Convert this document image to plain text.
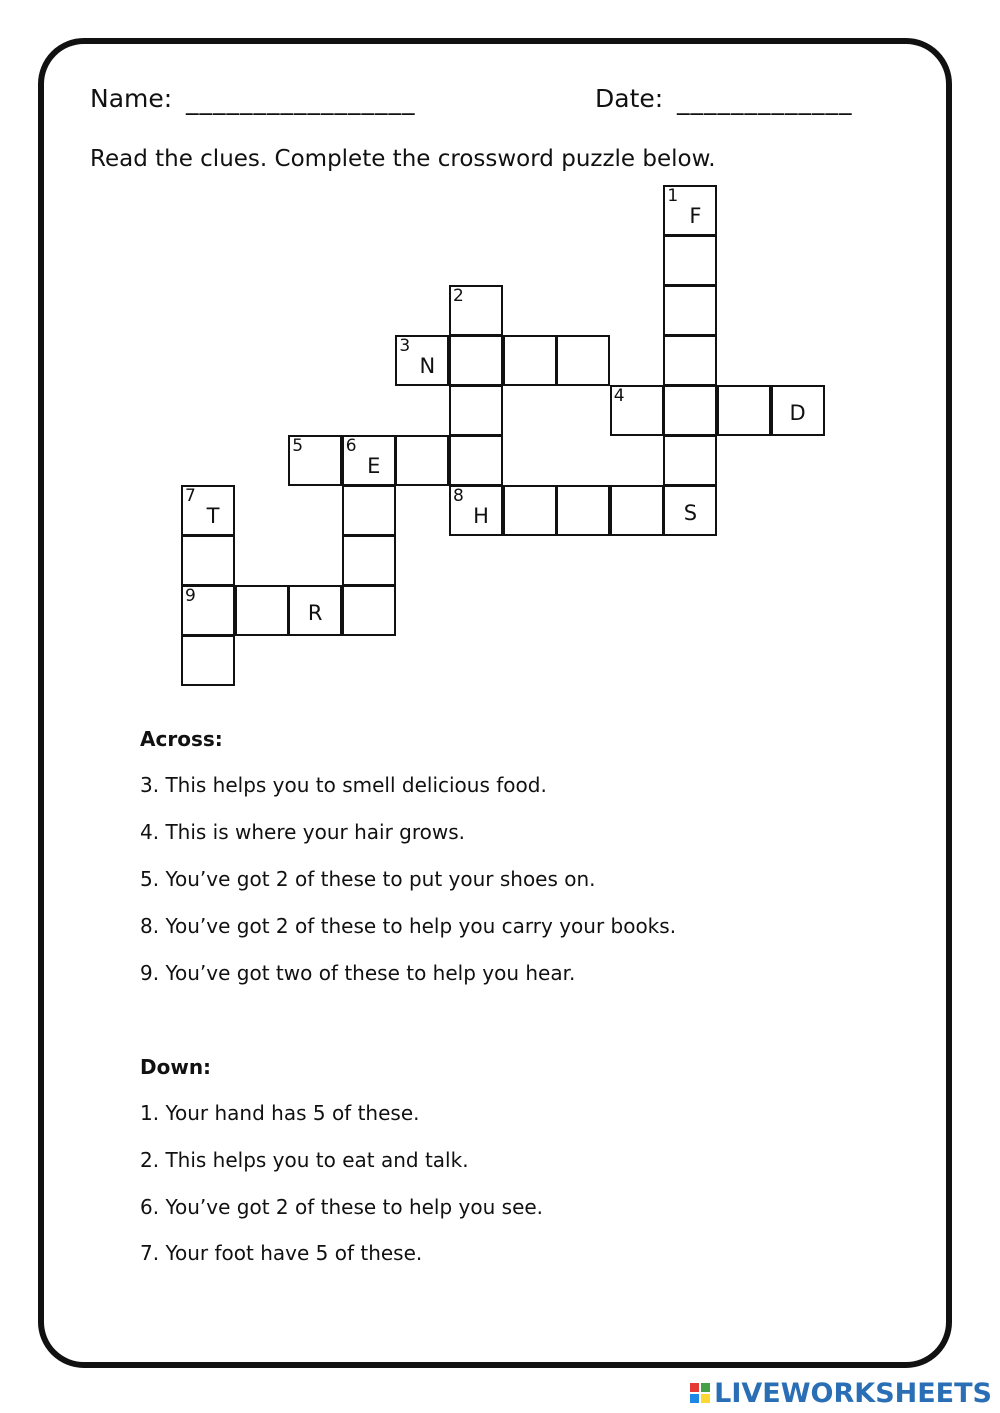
Name: _________________	Date: _____________
Read the clues. Complete the crossword puzzle below.
1
F
2
3
N
4
D
5	6
E
7
T
8
H	S
9
R
Across:
3. This helps you to smell delicious food.
4. This is where your hair grows.
5. You’ve got 2 of these to put your shoes on.
8. You’ve got 2 of these to help you carry your books.
9. You’ve got two of these to help you hear.
Down:
1. Your hand has 5 of these.
2. This helps you to eat and talk.
6. You’ve got 2 of these to help you see.
7. Your foot have 5 of these.
LIVEWORKSHEETS
